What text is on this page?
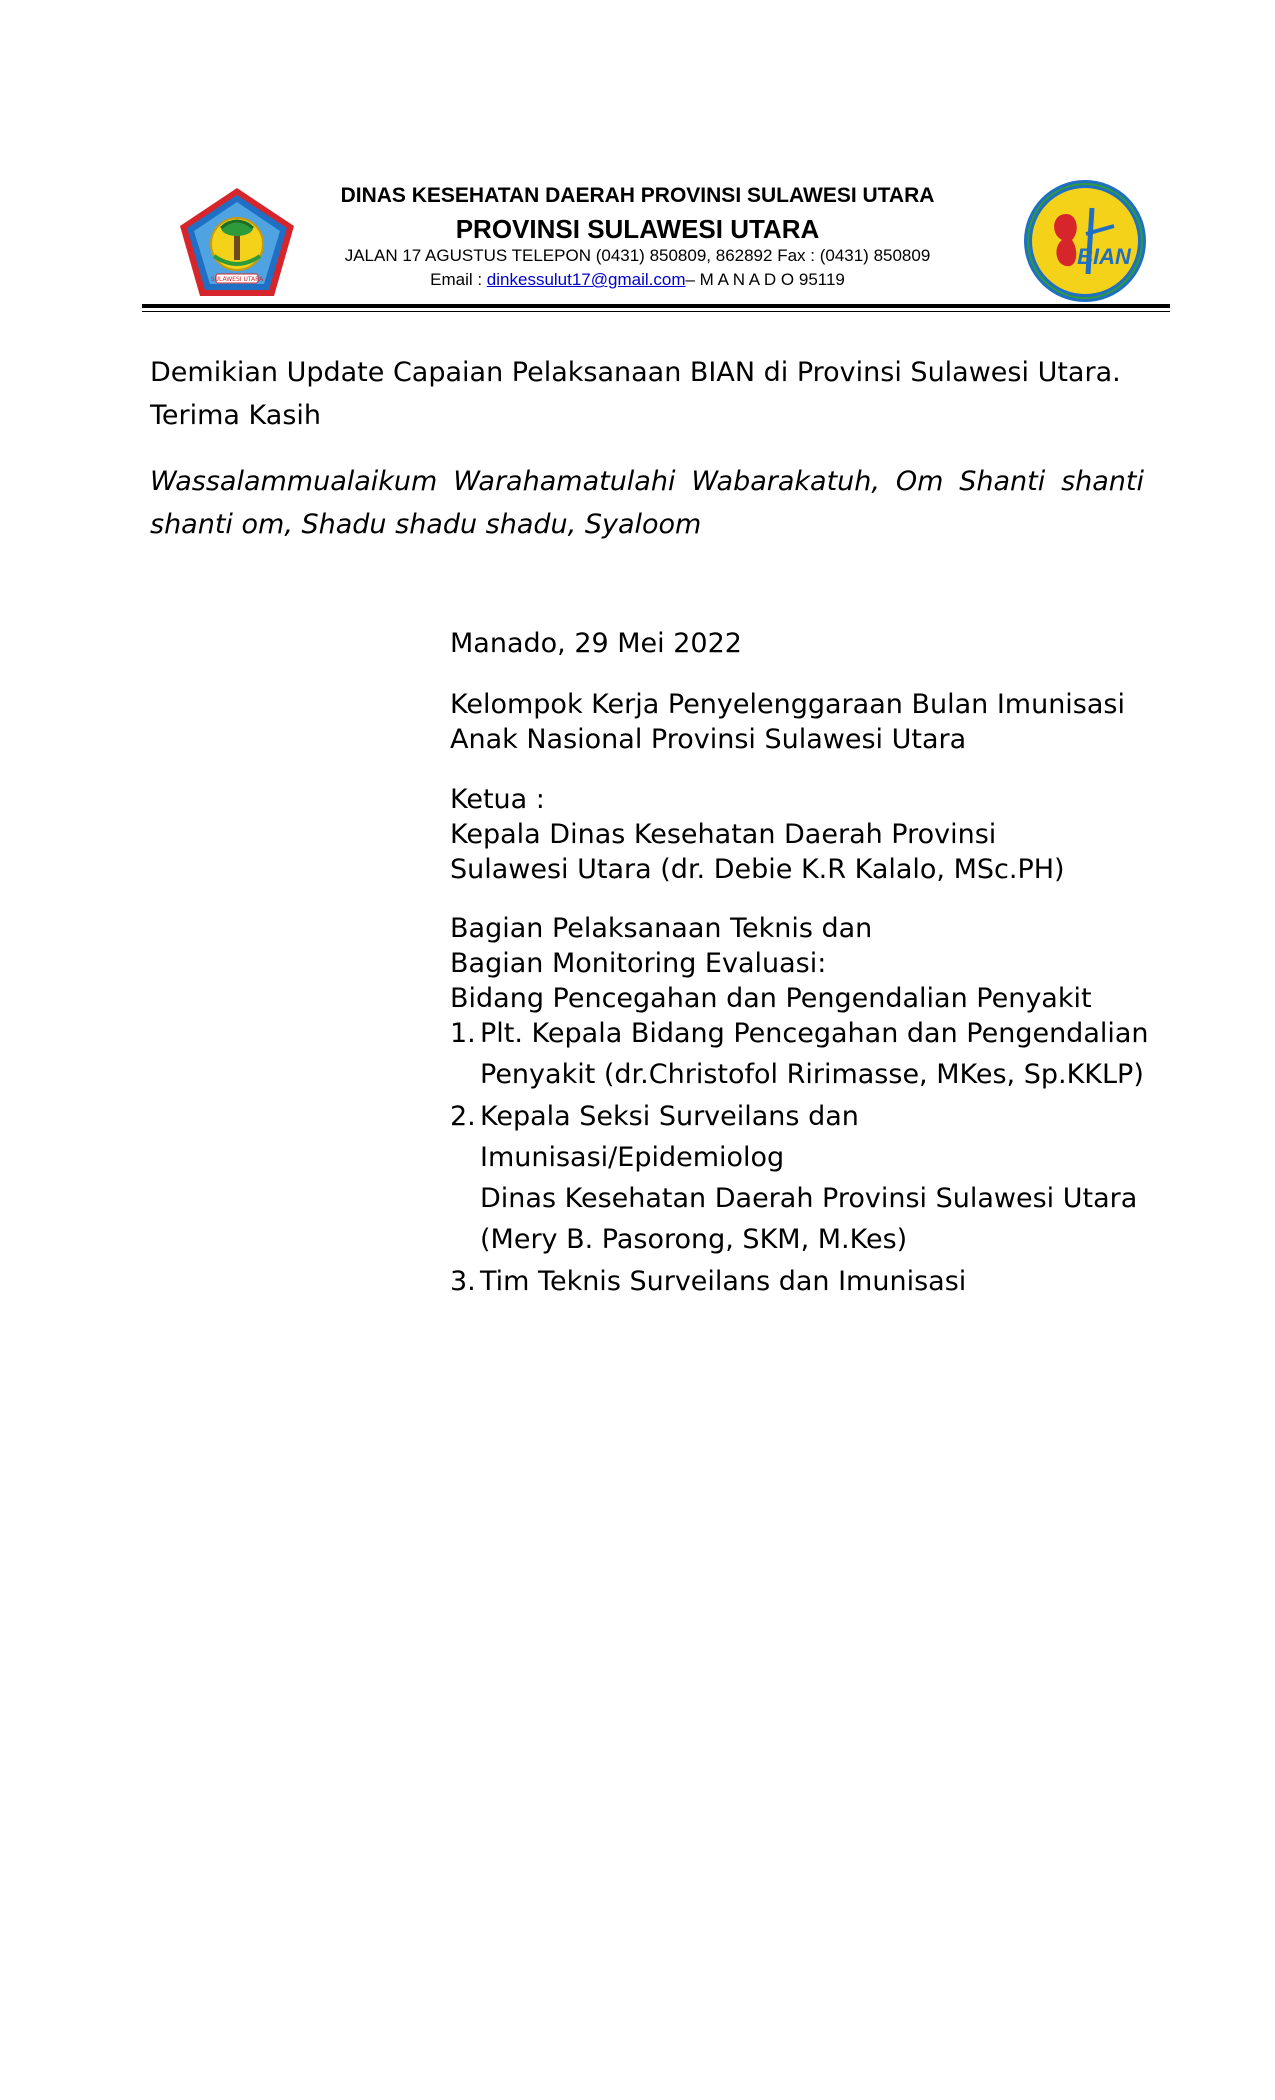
SULAWESI UTARA
DINAS KESEHATAN DAERAH PROVINSI SULAWESI UTARA
PROVINSI SULAWESI UTARA
JALAN 17 AGUSTUS TELEPON (0431) 850809, 862892 Fax : (0431) 850809
Email : dinkessulut17@gmail.com– M A N A D O 95119
BIAN
Demikian Update Capaian Pelaksanaan BIAN di Provinsi Sulawesi Utara.
Terima Kasih
Wassalammualaikum Warahamatulahi Wabarakatuh, Om Shanti shanti shanti om, Shadu shadu shadu, Syaloom
Manado, 29 Mei 2022
Kelompok Kerja Penyelenggaraan Bulan Imunisasi
Anak Nasional Provinsi Sulawesi Utara
Ketua :
Kepala Dinas Kesehatan Daerah Provinsi
Sulawesi Utara (dr. Debie K.R Kalalo, MSc.PH)
Bagian Pelaksanaan Teknis dan
Bagian Monitoring Evaluasi:
Bidang Pencegahan dan Pengendalian Penyakit
1. Plt. Kepala Bidang Pencegahan dan Pengendalian
Penyakit (dr.Christofol Ririmasse, MKes, Sp.KKLP)
2. Kepala Seksi Surveilans dan Imunisasi/Epidemiolog
Dinas Kesehatan Daerah Provinsi Sulawesi Utara
(Mery B. Pasorong, SKM, M.Kes)
3. Tim Teknis Surveilans dan Imunisasi
